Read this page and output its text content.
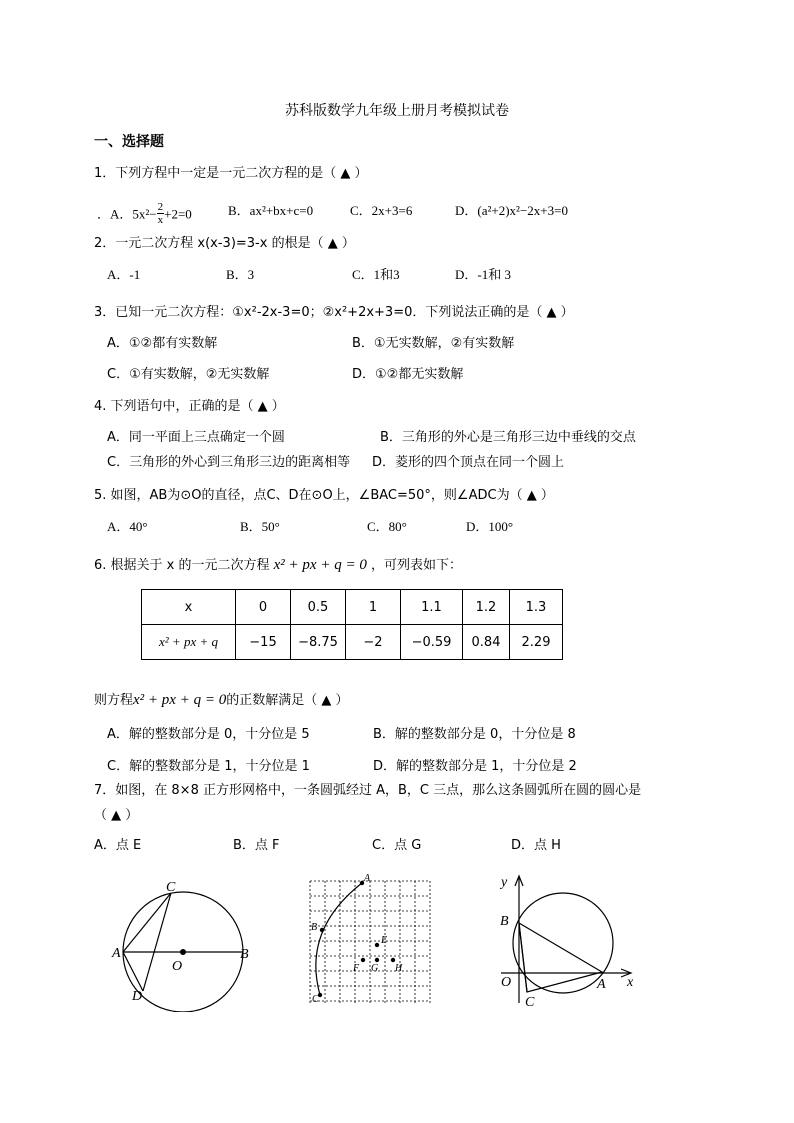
苏科版数学九年级上册月考模拟试卷
一、选择题
1．下列方程中一定是一元二次方程的是（ ▲ ）
．A．$5x^2- \frac{2}{x} +2=0$	B．ax²+bx+c=0	C．2x+3=6	D．(a²+2)x²−2x+3=0
2．一元二次方程 x(x-3)=3-x 的根是（ ▲ ）
A．-1	B．3	C．1和3	D．-1和 3
3．已知一元二次方程：①x²-2x-3=0；②x²+2x+3=0．下列说法正确的是（ ▲ ）
A．①②都有实数解	B．①无实数解，②有实数解
C．①有实数解，②无实数解	D．①②都无实数解
4. 下列语句中，正确的是（ ▲ ）
A．同一平面上三点确定一个圆	B．三角形的外心是三角形三边中垂线的交点
C．三角形的外心到三角形三边的距离相等 D．菱形的四个顶点在同一个圆上
5. 如图，AB为⊙O的直径，点C、D在⊙O上，∠BAC=50°，则∠ADC为（ ▲ ）
A．40°	B．50°	C．80°	D．100°
6. 根据关于 x 的一元二次方程 x² + px + q = 0 ，可列表如下：
x	0	0.5	1	1.1	1.2	1.3
x² + px + q	−15	−8.75	−2	−0.59	0.84	2.29
则方程x² + px + q = 0的正数解满足（ ▲ ）
A．解的整数部分是 0，十分位是 5	B．解的整数部分是 0，十分位是 8
C．解的整数部分是 1，十分位是 1	D．解的整数部分是 1，十分位是 2
7．如图，在 8×8 正方形网格中，一条圆弧经过 A，B，C 三点，那么这条圆弧所在圆的圆心是
（ ▲ ）
A．点 E	B．点 F	C．点 G	D．点 H
C
A
O
B
D
A
B
E
F G H
C
y
B
O
C
A x
